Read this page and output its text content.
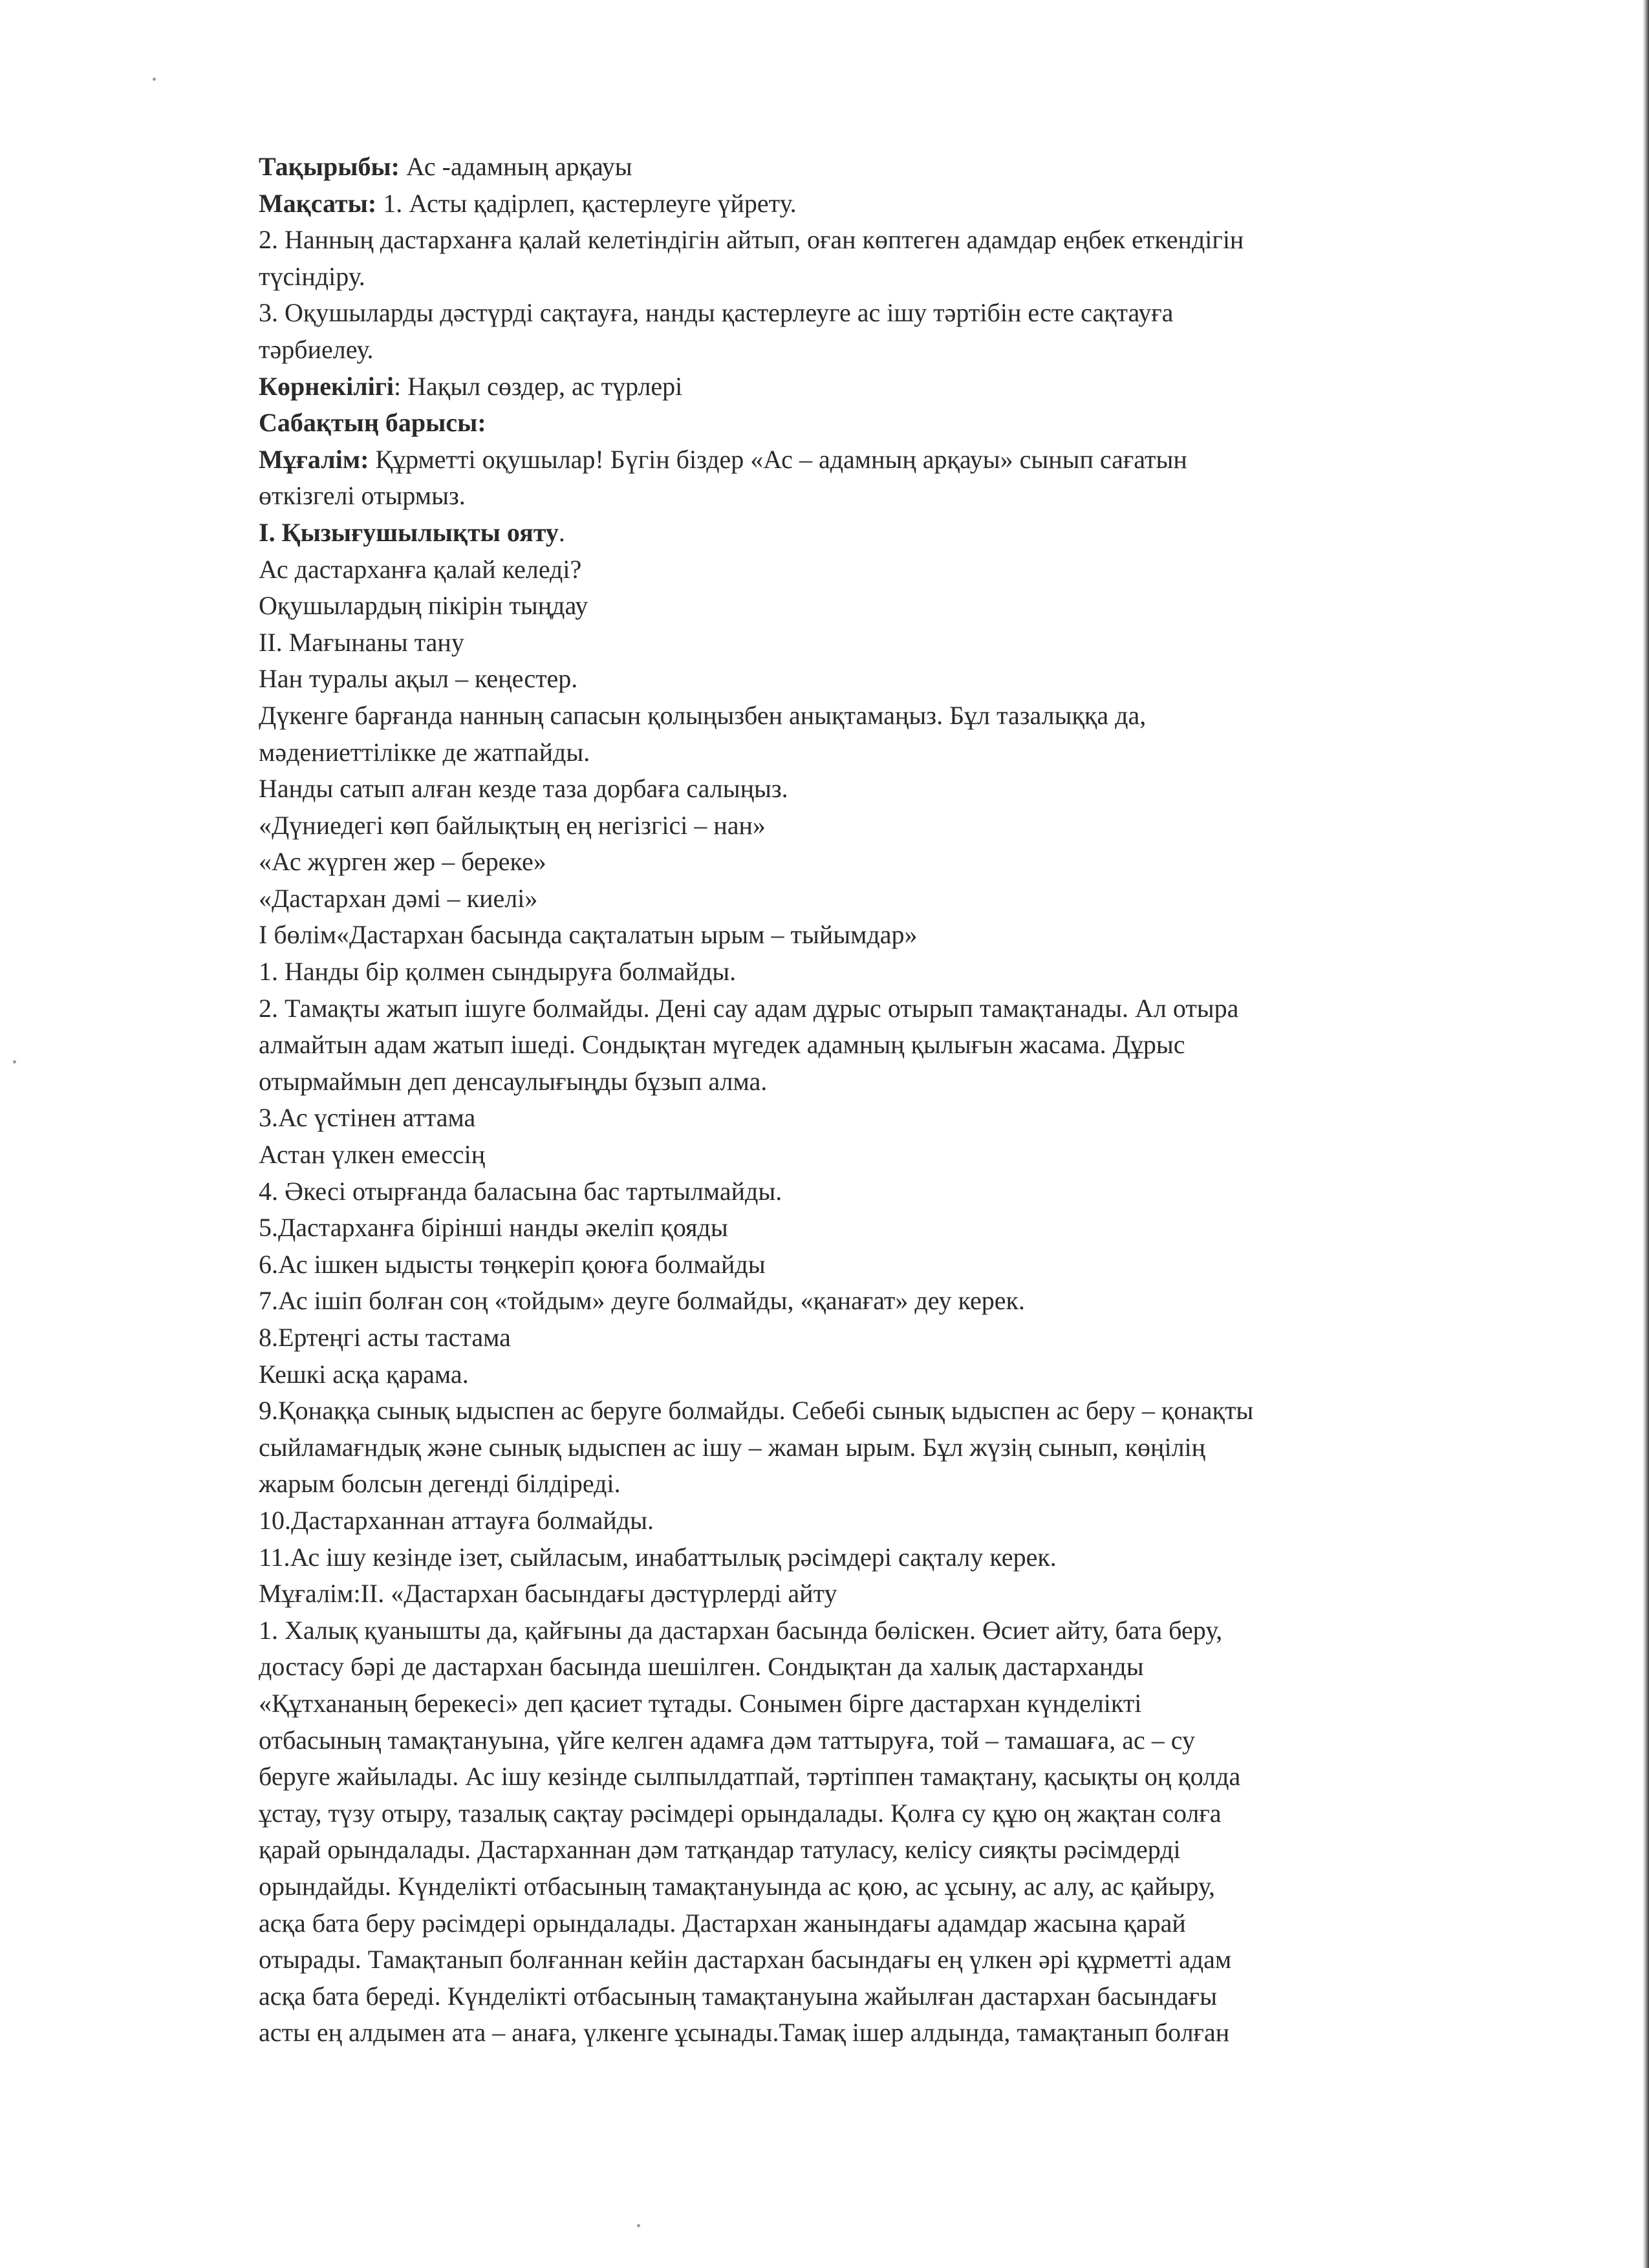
Тақырыбы: Ас -адамның арқауы
Мақсаты: 1. Асты қадірлеп, қастерлеуге үйрету.
2. Нанның дастарханға қалай келетіндігін айтып, оған көптеген адамдар еңбек еткендігін
түсіндіру.
3. Оқушыларды дәстүрді сақтауға, нанды қастерлеуге ас ішу тәртібін есте сақтауға
тәрбиелеу.
Көрнекілігі: Нақыл сөздер, ас түрлері
Сабақтың барысы:
Мұғалім: Құрметті оқушылар! Бүгін біздер «Ас – адамның арқауы» сынып сағатын
өткізгелі отырмыз.
І. Қызығушылықты ояту.
Ас дастарханға қалай келеді?
Оқушылардың пікірін тыңдау
ІІ. Мағынаны тану
Нан туралы ақыл – кеңестер.
Дүкенге барғанда нанның сапасын қолыңызбен анықтамаңыз. Бұл тазалыққа да,
мәдениеттілікке де жатпайды.
Нанды сатып алған кезде таза дорбаға салыңыз.
«Дүниедегі көп байлықтың ең негізгісі – нан»
«Ас жүрген жер – береке»
«Дастархан дәмі – киелі»
І бөлім«Дастархан басында сақталатын ырым – тыйымдар»
1. Нанды бір қолмен сындыруға болмайды.
2. Тамақты жатып ішуге болмайды. Дені сау адам дұрыс отырып тамақтанады. Ал отыра
алмайтын адам жатып ішеді. Сондықтан мүгедек адамның қылығын жасама. Дұрыс
отырмаймын деп денсаулығыңды бұзып алма.
3.Ас үстінен аттама
Астан үлкен емессің
4. Әкесі отырғанда баласына бас тартылмайды.
5.Дастарханға бірінші нанды әкеліп қояды
6.Ас ішкен ыдысты төңкеріп қоюға болмайды
7.Ас ішіп болған соң «тойдым» деуге болмайды, «қанағат» деу керек.
8.Ертеңгі асты тастама
Кешкі асқа қарама.
9.Қонаққа сынық ыдыспен ас беруге болмайды. Себебі сынық ыдыспен ас беру – қонақты
сыйламағндық және сынық ыдыспен ас ішу – жаман ырым. Бұл жүзің сынып, көңілің
жарым болсын дегенді білдіреді.
10.Дастарханнан аттауға болмайды.
11.Ас ішу кезінде ізет, сыйласым, инабаттылық рәсімдері сақталу керек.
Мұғалім:ІІ. «Дастархан басындағы дәстүрлерді айту
1. Халық қуанышты да, қайғыны да дастархан басында бөліскен. Өсиет айту, бата беру,
достасу бәрі де дастархан басында шешілген. Сондықтан да халық дастарханды
«Құтхананың берекесі» деп қасиет тұтады. Сонымен бірге дастархан күнделікті
отбасының тамақтануына, үйге келген адамға дәм таттыруға, той – тамашаға, ас – су
беруге жайылады. Ас ішу кезінде сылпылдатпай, тәртіппен тамақтану, қасықты оң қолда
ұстау, түзу отыру, тазалық сақтау рәсімдері орындалады. Қолға су құю оң жақтан солға
қарай орындалады. Дастарханнан дәм татқандар татуласу, келісу сияқты рәсімдерді
орындайды. Күнделікті отбасының тамақтануында ас қою, ас ұсыну, ас алу, ас қайыру,
асқа бата беру рәсімдері орындалады. Дастархан жанындағы адамдар жасына қарай
отырады. Тамақтанып болғаннан кейін дастархан басындағы ең үлкен әрі құрметті адам
асқа бата береді. Күнделікті отбасының тамақтануына жайылған дастархан басындағы
асты ең алдымен ата – анаға, үлкенге ұсынады.Тамақ ішер алдында, тамақтанып болған
